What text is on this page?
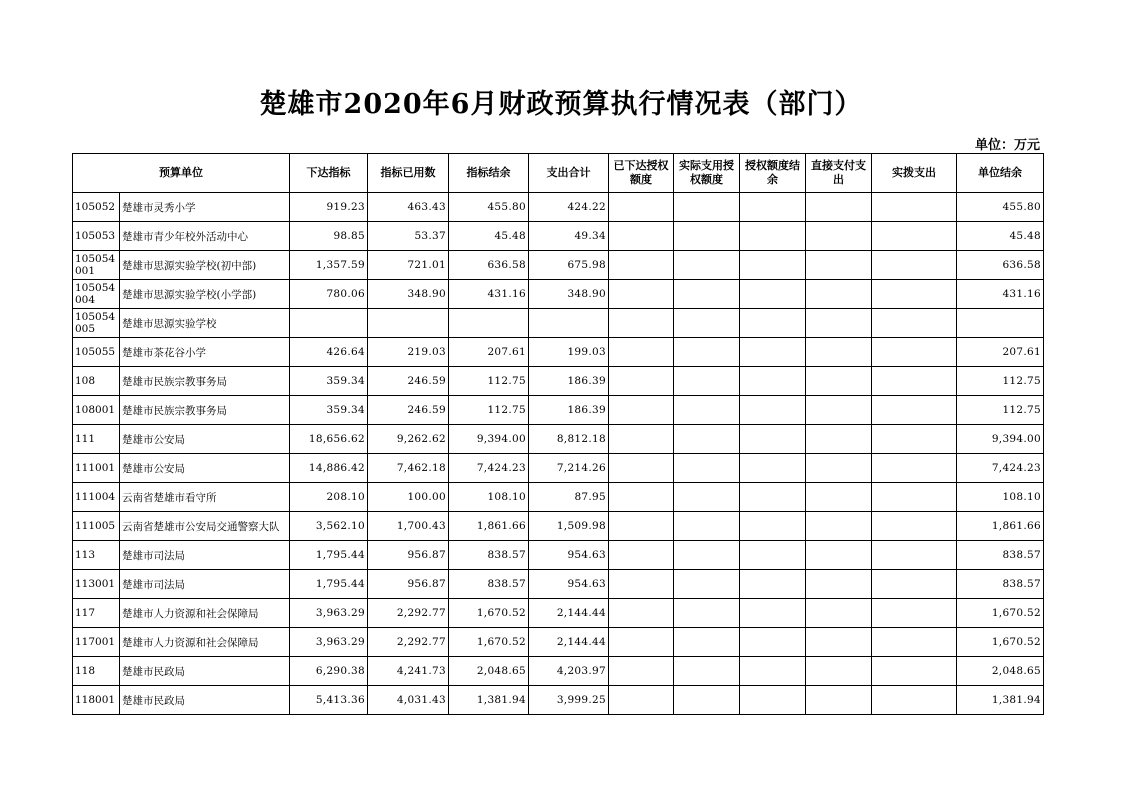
楚雄市2020年6月财政预算执行情况表（部门）
单位：万元
预算单位		下达指标	指标已用数	指标结余	支出合计	已下达授权额度	实际支用授权额度	授权额度结余	直接支付支出	实拨支出	单位结余
105052	楚雄市灵秀小学	919.23	463.43	455.80	424.22						455.80
105053	楚雄市青少年校外活动中心	98.85	53.37	45.48	49.34						45.48
105054001	楚雄市思源实验学校(初中部)	1,357.59	721.01	636.58	675.98						636.58
105054004	楚雄市思源实验学校(小学部)	780.06	348.90	431.16	348.90						431.16
105054005	楚雄市思源实验学校										
105055	楚雄市茶花谷小学	426.64	219.03	207.61	199.03						207.61
108	楚雄市民族宗教事务局	359.34	246.59	112.75	186.39						112.75
108001	楚雄市民族宗教事务局	359.34	246.59	112.75	186.39						112.75
111	楚雄市公安局	18,656.62	9,262.62	9,394.00	8,812.18						9,394.00
111001	楚雄市公安局	14,886.42	7,462.18	7,424.23	7,214.26						7,424.23
111004	云南省楚雄市看守所	208.10	100.00	108.10	87.95						108.10
111005	云南省楚雄市公安局交通警察大队	3,562.10	1,700.43	1,861.66	1,509.98						1,861.66
113	楚雄市司法局	1,795.44	956.87	838.57	954.63						838.57
113001	楚雄市司法局	1,795.44	956.87	838.57	954.63						838.57
117	楚雄市人力资源和社会保障局	3,963.29	2,292.77	1,670.52	2,144.44						1,670.52
117001	楚雄市人力资源和社会保障局	3,963.29	2,292.77	1,670.52	2,144.44						1,670.52
118	楚雄市民政局	6,290.38	4,241.73	2,048.65	4,203.97						2,048.65
118001	楚雄市民政局	5,413.36	4,031.43	1,381.94	3,999.25						1,381.94
